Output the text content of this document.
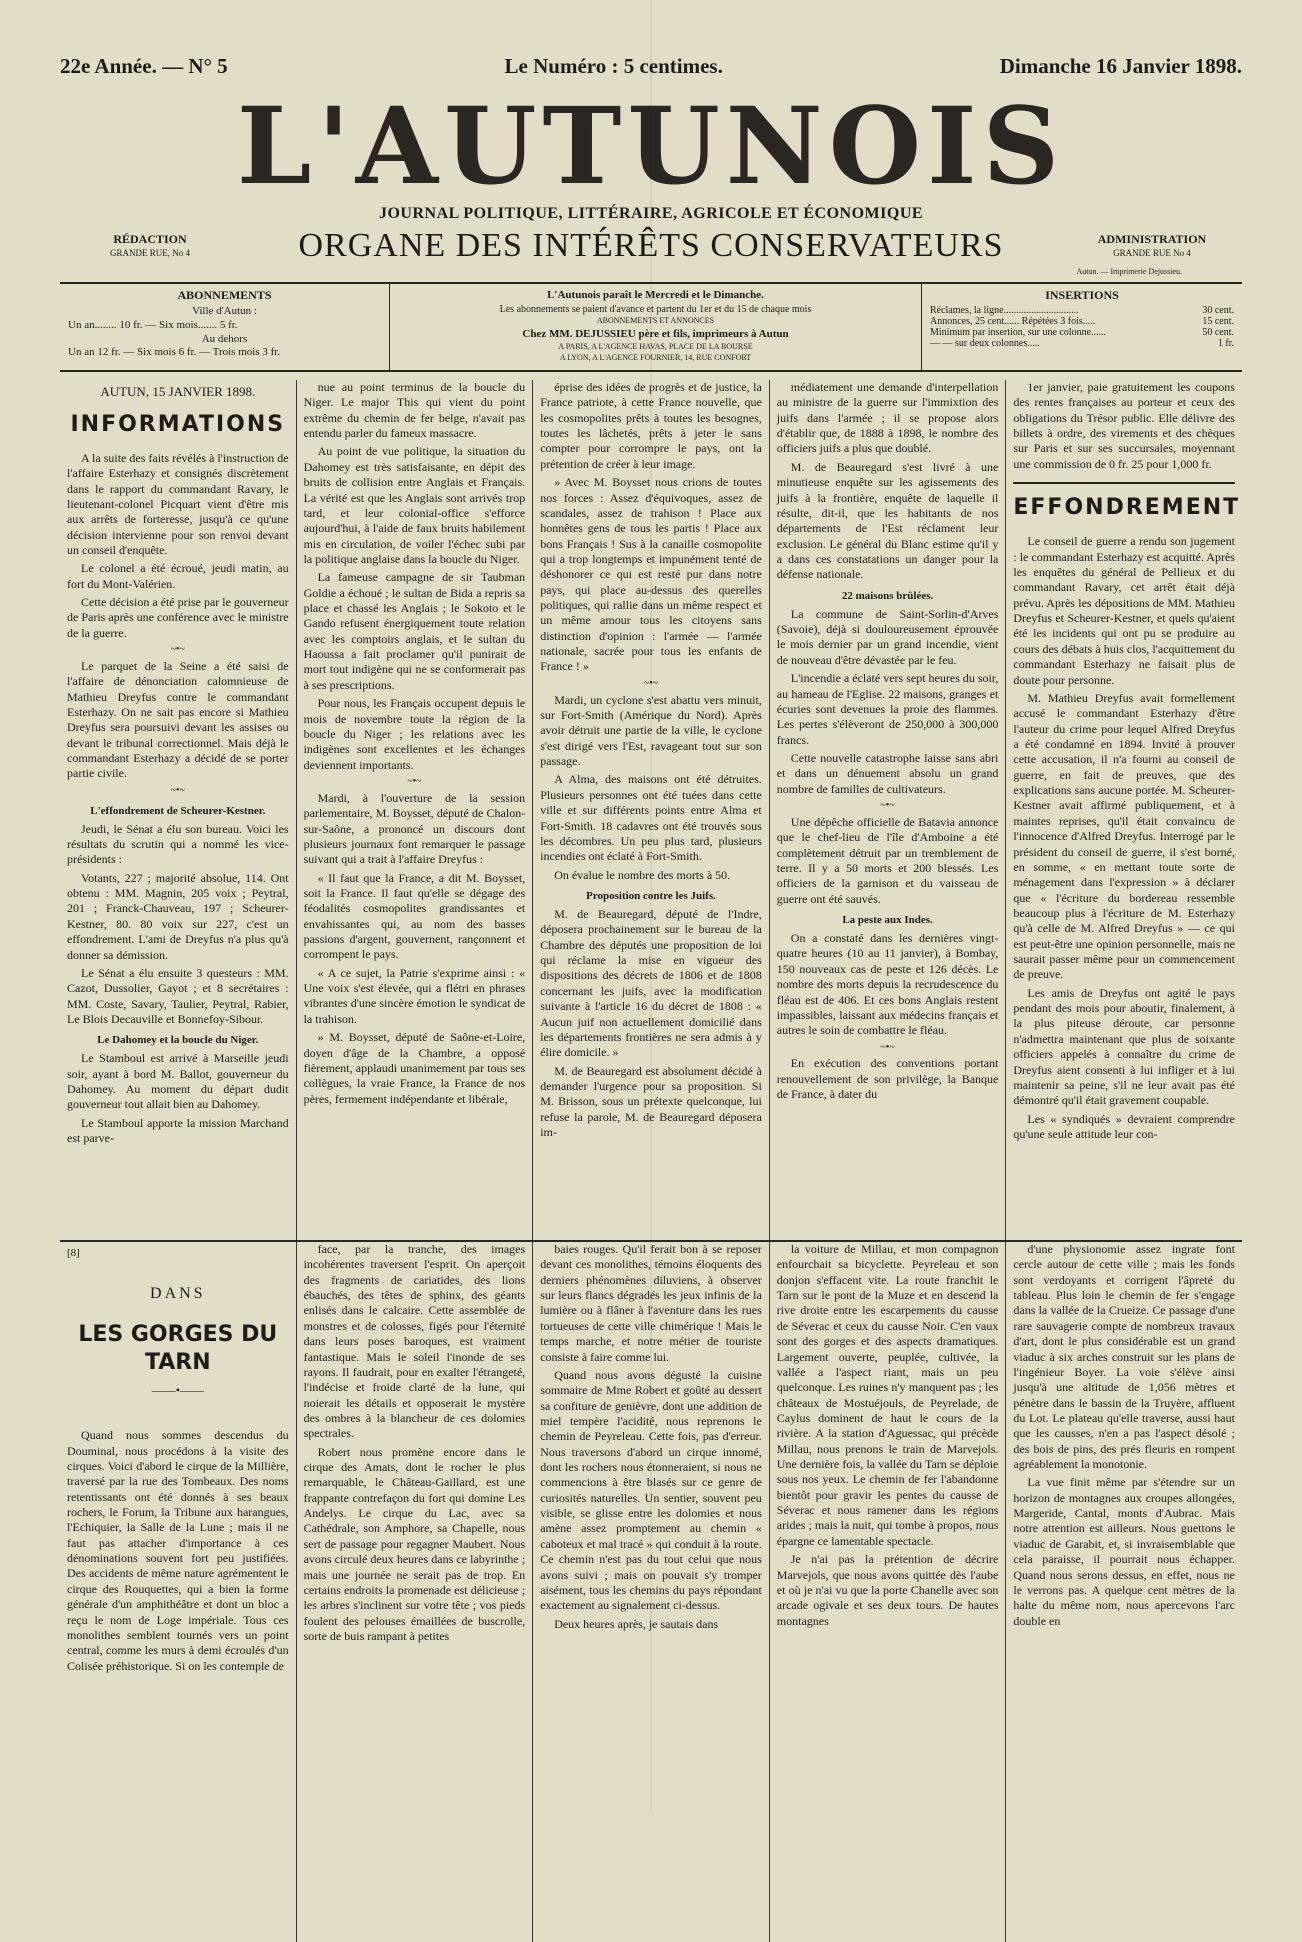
22e Année. — N° 5	Le Numéro : 5 centimes.	Dimanche 16 Janvier 1898.
L'AUTUNOIS
JOURNAL POLITIQUE, LITTÉRAIRE, AGRICOLE ET ÉCONOMIQUE
RÉDACTION
GRANDE RUE, No 4	ORGANE DES INTÉRÊTS CONSERVATEURS	ADMINISTRATION
GRANDE RUE No 4
Autun. — Imprimerie Dejussieu.
ABONNEMENTS
Ville d'Autun :
Un an........ 10 fr. — Six mois....... 5 fr.
Au dehors
Un an 12 fr. — Six mois 6 fr. — Trois mois 3 fr.
L'Autunois paraît le Mercredi et le Dimanche.
Les abonnements se paient d'avance et partent du 1er et du 15 de chaque mois
ABONNEMENTS ET ANNONCES
Chez MM. DEJUSSIEU père et fils, imprimeurs à Autun
A PARIS, A L'AGENCE HAVAS, PLACE DE LA BOURSE
A LYON, A L'AGENCE FOURNIER, 14, RUE CONFORT
INSERTIONS
Réclames, la ligne..............................	30 cent.
Annonces, 25 cent...... Répétées 3 fois.....	15 cent.
Minimum par insertion, sur une colonne......	50 cent.
— — sur deux colonnes.....	1 fr.
AUTUN, 15 JANVIER 1898.
INFORMATIONS

A la suite des faits révélés à l'instruction de l'affaire Esterhazy et consignés discrètement dans le rapport du commandant Ravary, le lieutenant-colonel Picquart vient d'être mis aux arrêts de forteresse, jusqu'à ce qu'une décision intervienne pour son renvoi devant un conseil d'enquête.

Le colonel a été écroué, jeudi matin, au fort du Mont-Valérien.

Cette décision a été prise par le gouverneur de Paris après une conférence avec le ministre de la guerre.

~•~

Le parquet de la Seine a été saisi de l'affaire de dénonciation calomnieuse de Mathieu Dreyfus contre le commandant Esterhazy. On ne sait pas encore si Mathieu Dreyfus sera poursuivi devant les assises ou devant le tribunal correctionnel. Mais déjà le commandant Esterhazy a décidé de se porter partie civile.

~•~
L'effondrement de Scheurer-Kestner.

Jeudi, le Sénat a élu son bureau. Voici les résultats du scrutin qui a nommé les vice-présidents :

Votants, 227 ; majorité absolue, 114. Ont obtenu : MM. Magnin, 205 voix ; Peytral, 201 ; Franck-Chauveau, 197 ; Scheurer-Kestner, 80. 80 voix sur 227, c'est un effondrement. L'ami de Dreyfus n'a plus qu'à donner sa démission.

Le Sénat a élu ensuite 3 questeurs : MM. Cazot, Dussolier, Gayot ; et 8 secrétaires : MM. Coste, Savary, Taulier, Peytral, Rabier, Le Blois Decauville et Bonnefoy-Sibour.

Le Dahomey et la boucle du Niger.

Le Stamboul est arrivé à Marseille jeudi soir, ayant à bord M. Ballot, gouverneur du Dahomey. Au moment du départ dudit gouverneur tout allait bien au Dahomey.

Le Stamboul apporte la mission Marchand est parve-

nue au point terminus de la boucle du Niger. Le major This qui vient du point extrême du chemin de fer belge, n'avait pas entendu parler du fameux massacre.

Au point de vue politique, la situation du Dahomey est très satisfaisante, en dépit des bruits de collision entre Anglais et Français. La vérité est que les Anglais sont arrivés trop tard, et leur colonial-office s'efforce aujourd'hui, à l'aide de faux bruits habilement mis en circulation, de voiler l'échec subi par la politique anglaise dans la boucle du Niger.

La fameuse campagne de sir Taubman Goldie a échoué ; le sultan de Bida a repris sa place et chassé les Anglais ; le Sokoto et le Gando refusent énergiquement toute relation avec les comptoirs anglais, et le sultan du Haoussa a fait proclamer qu'il punirait de mort tout indigène qui ne se conformerait pas à ses prescriptions.

Pour nous, les Français occupent depuis le mois de novembre toute la région de la boucle du Niger ; les relations avec les indigènes sont excellentes et les échanges deviennent importants.

~•~

Mardi, à l'ouverture de la session parlementaire, M. Boysset, député de Chalon-sur-Saône, a prononcé un discours dont plusieurs journaux font remarquer le passage suivant qui a trait à l'affaire Dreyfus :

« Il faut que la France, a dit M. Boysset, soit la France. Il faut qu'elle se dégage des féodalités cosmopolites grandissantes et envahissantes qui, au nom des basses passions d'argent, gouvernent, rançonnent et corrompent le pays.

« A ce sujet, la Patrie s'exprime ainsi : « Une voix s'est élevée, qui a flétri en phrases vibrantes d'une sincère émotion le syndicat de la trahison.

» M. Boysset, député de Saône-et-Loire, doyen d'âge de la Chambre, a opposé fièrement, applaudi unanimement par tous ses collègues, la vraie France, la France de nos pères, fermement indépendante et libérale,

éprise des idées de progrès et de justice, la France patriote, à cette France nouvelle, que les cosmopolites prêts à toutes les besognes, toutes les lâchetés, prêts à jeter le sans compter pour corrompre le pays, ont la prétention de créer à leur image.

» Avec M. Boysset nous crions de toutes nos forces : Assez d'équivoques, assez de scandales, assez de trahison ! Place aux honnêtes gens de tous les partis ! Place aux bons Français ! Sus à la canaille cosmopolite qui a trop longtemps et impunément tenté de déshonorer ce qui est resté pur dans notre pays, qui place au-dessus des querelles politiques, qui rallie dans un même respect et un même amour tous les citoyens sans distinction d'opinion : l'armée — l'armée nationale, sacrée pour tous les enfants de France ! »

~•~

Mardi, un cyclone s'est abattu vers minuit, sur Fort-Smith (Amérique du Nord). Après avoir détruit une partie de la ville, le cyclone s'est dirigé vers l'Est, ravageant tout sur son passage.

A Alma, des maisons ont été détruites. Plusieurs personnes ont été tuées dans cette ville et sur différents points entre Alma et Fort-Smith. 18 cadavres ont été trouvés sous les décombres. Un peu plus tard, plusieurs incendies ont éclaté à Fort-Smith.

On évalue le nombre des morts à 50.

Proposition contre les Juifs.

M. de Beauregard, député de l'Indre, déposera prochainement sur le bureau de la Chambre des députés une proposition de loi qui réclame la mise en vigueur des dispositions des décrets de 1806 et de 1808 concernant les juifs, avec la modification suivante à l'article 16 du décret de 1808 : « Aucun juif non actuellement domicilié dans les départements frontières ne sera admis à y élire domicile. »

M. de Beauregard est absolument décidé à demander l'urgence pour sa proposition. Si M. Brisson, sous un prétexte quelconque, lui refuse la parole, M. de Beauregard déposera im-

médiatement une demande d'interpellation au ministre de la guerre sur l'immixtion des juifs dans l'armée ; il se propose alors d'établir que, de 1888 à 1898, le nombre des officiers juifs a plus que doublé.

M. de Beauregard s'est livré à une minutieuse enquête sur les agissements des juifs à la frontière, enquête de laquelle il résulte, dit-il, que les habitants de nos départements de l'Est réclament leur exclusion. Le général du Blanc estime qu'il y a dans ces constatations un danger pour la défense nationale.

22 maisons brûlées.

La commune de Saint-Sorlin-d'Arves (Savoie), déjà si douloureusement éprouvée le mois dernier par un grand incendie, vient de nouveau d'être dévastée par le feu.

L'incendie a éclaté vers sept heures du soir, au hameau de l'Eglise. 22 maisons, granges et écuries sont devenues la proie des flammes. Les pertes s'élèveront de 250,000 à 300,000 francs.

Cette nouvelle catastrophe laisse sans abri et dans un dénuement absolu un grand nombre de familles de cultivateurs.

~•~

Une dépêche officielle de Batavia annonce que le chef-lieu de l'île d'Amboine a été complètement détruit par un tremblement de terre. Il y a 50 morts et 200 blessés. Les officiers de la garnison et du vaisseau de guerre ont été sauvés.

La peste aux Indes.

On a constaté dans les dernières vingt-quatre heures (10 au 11 janvier), à Bombay, 150 nouveaux cas de peste et 126 décès. Le nombre des morts depuis la recrudescence du fléau est de 406. Et ces bons Anglais restent impassibles, laissant aux médecins français et autres le soin de combattre le fléau.

~•~

En exécution des conventions portant renouvellement de son privilège, la Banque de France, à dater du

1er janvier, paie gratuitement les coupons des rentes françaises au porteur et ceux des obligations du Trésor public. Elle délivre des billets à ordre, des virements et des chèques sur Paris et sur ses succursales, moyennant une commission de 0 fr. 25 pour 1,000 fr.

EFFONDREMENT

Le conseil de guerre a rendu son jugement : le commandant Esterhazy est acquitté. Après les enquêtes du général de Pellieux et du commandant Ravary, cet arrêt était déjà prévu. Après les dépositions de MM. Mathieu Dreyfus et Scheurer-Kestner, et quels qu'aient été les incidents qui ont pu se produire au cours des débats à huis clos, l'acquittement du commandant Esterhazy ne faisait plus de doute pour personne.

M. Mathieu Dreyfus avait formellement accusé le commandant Esterhazy d'être l'auteur du crime pour lequel Alfred Dreyfus a été condamné en 1894. Invité à prouver cette accusation, il n'a fourni au conseil de guerre, en fait de preuves, que des explications sans aucune portée. M. Scheurer-Kestner avait affirmé publiquement, et à maintes reprises, qu'il était convaincu de l'innocence d'Alfred Dreyfus. Interrogé par le président du conseil de guerre, il s'est borné, en somme, « en mettant toute sorte de ménagement dans l'expression » à déclarer que « l'écriture du bordereau ressemble beaucoup plus à l'écriture de M. Esterhazy qu'à celle de M. Alfred Dreyfus » — ce qui est peut-être une opinion personnelle, mais ne saurait passer même pour un commencement de preuve.

Les amis de Dreyfus ont agité le pays pendant des mois pour aboutir, finalement, à la plus piteuse déroute, car personne n'admettra maintenant que plus de soixante officiers appelés à connaître du crime de Dreyfus aient consenti à lui infliger et à lui maintenir sa peine, s'il ne leur avait pas été démontré qu'il était gravement coupable.

Les « syndiqués » devraient comprendre qu'une seule attitude leur con-

[8]
DANS
LES GORGES DU TARN
——•——

Quand nous sommes descendus du Douminal, nous procédons à la visite des cirques. Voici d'abord le cirque de la Millière, traversé par la rue des Tombeaux. Des noms retentissants ont été donnés à ses beaux rochers, le Forum, la Tribune aux harangues, l'Echiquier, la Salle de la Lune ; mais il ne faut pas attacher d'importance à ces dénominations souvent fort peu justifiées. Des accidents de même nature agrémentent le cirque des Rouquettes, qui a bien la forme générale d'un amphithéâtre et dont un bloc a reçu le nom de Loge impériale. Tous ces monolithes semblent tournés vers un point central, comme les murs à demi écroulés d'un Colisée préhistorique. Si on les contemple de

face, par la tranche, des images incohérentes traversent l'esprit. On aperçoit des fragments de cariatides, des lions ébauchés, des têtes de sphinx, des géants enlisés dans le calcaire. Cette assemblée de monstres et de colosses, figés pour l'éternité dans leurs poses baroques, est vraiment fantastique. Mais le soleil l'inonde de ses rayons. Il faudrait, pour en exalter l'étrangeté, l'indécise et froide clarté de la lune, qui noierait les détails et opposerait le mystère des ombres à la blancheur de ces dolomies spectrales.

Robert nous promène encore dans le cirque des Amats, dont le rocher le plus remarquable, le Château-Gaillard, est une frappante contrefaçon du fort qui domine Les Andelys. Le cirque du Lac, avec sa Cathédrale, son Amphore, sa Chapelle, nous sert de passage pour regagner Maubert. Nous avons circulé deux heures dans ce labyrinthe ; mais une journée ne serait pas de trop. En certains endroits la promenade est délicieuse ; les arbres s'inclinent sur votre tête ; vos pieds foulent des pelouses émaillées de buscrolle, sorte de buis rampant à petites

baies rouges. Qu'il ferait bon à se reposer devant ces monolithes, témoins éloquents des derniers phénomènes diluviens, à observer sur leurs flancs dégradés les jeux infinis de la lumière ou à flâner à l'aventure dans les rues tortueuses de cette ville chimérique ! Mais le temps marche, et notre métier de touriste consiste à faire comme lui.

Quand nous avons dégusté la cuisine sommaire de Mme Robert et goûté au dessert sa confiture de genièvre, dont une addition de miel tempère l'acidité, nous reprenons le chemin de Peyreleau. Cette fois, pas d'erreur. Nous traversons d'abord un cirque innomé, dont les rochers nous étonneraient, si nous ne commencions à être blasés sur ce genre de curiosités naturelles. Un sentier, souvent peu visible, se glisse entre les dolomies et nous amène assez promptement au chemin « caboteux et mal tracé » qui conduit à la route. Ce chemin n'est pas du tout celui que nous avons suivi ; mais on pouvait s'y tromper aisément, tous les chemins du pays répondant exactement au signalement ci-dessus.

Deux heures après, je sautais dans

la voiture de Millau, et mon compagnon enfourchait sa bicyclette. Peyreleau et son donjon s'effacent vite. La route franchit le Tarn sur le pont de la Muze et en descend la rive droite entre les escarpements du causse de Séverac et ceux du causse Noir. C'en vaux sont des gorges et des aspects dramatiques. Largement ouverte, peuplée, cultivée, la vallée a l'aspect riant, mais un peu quelconque. Les ruines n'y manquent pas ; les châteaux de Mostuéjouls, de Peyrelade, de Caylus dominent de haut le cours de la rivière. A la station d'Aguessac, qui précède Millau, nous prenons le train de Marvejols. Une dernière fois, la vallée du Tarn se déploie sous nos yeux. Le chemin de fer l'abandonne bientôt pour gravir les pentes du causse de Séverac et nous ramener dans les régions arides ; mais la nuit, qui tombe à propos, nous épargne ce lamentable spectacle.

Je n'ai pas la prétention de décrire Marvejols, que nous avons quittée dès l'aube et où je n'ai vu que la porte Chanelle avec son arcade ogivale et ses deux tours. De hautes montagnes

d'une physionomie assez ingrate font cercle autour de cette ville ; mais les fonds sont verdoyants et corrigent l'âpreté du tableau. Plus loin le chemin de fer s'engage dans la vallée de la Crueize. Ce passage d'une rare sauvagerie compte de nombreux travaux d'art, dont le plus considérable est un grand viaduc à six arches construit sur les plans de l'ingénieur Boyer. La voie s'élève ainsi jusqu'à une altitude de 1,056 mètres et pénètre dans le bassin de la Truyère, affluent du Lot. Le plateau qu'elle traverse, aussi haut que les causses, n'en a pas l'aspect désolé ; des bois de pins, des prés fleuris en rompent agréablement la monotonie.

La vue finit même par s'étendre sur un horizon de montagnes aux croupes allongées, Margeride, Cantal, monts d'Aubrac. Mais notre attention est ailleurs. Nous guettons le viaduc de Garabit, et, si invraisemblable que cela paraisse, il pourrait nous échapper. Quand nous serons dessus, en effet, nous ne le verrons pas. A quelque cent mètres de la halte du même nom, nous apercevons l'arc double en
